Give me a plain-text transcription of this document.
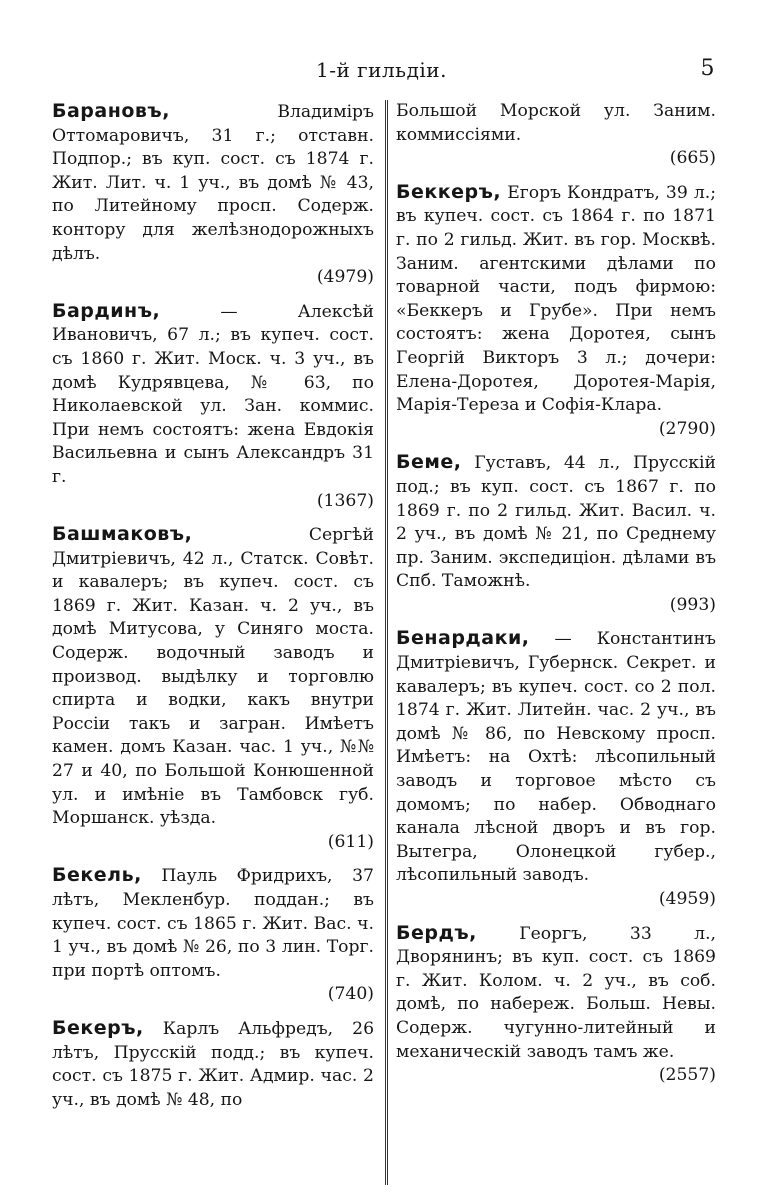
1-й гильдiи.	5
Барановъ,	Владимiръ Оттомаровичъ, 31 г.; отставн. Подпор.; въ куп. сост. съ 1874 г. Жит. Лит. ч. 1 уч., въ домѣ № 43, по Литейному просп. Содерж. контору для желѣзнодорожныхъ дѣлъ.
(4979)
Бардинъ,	— Алексѣй Ивановичъ, 67 л.; въ купеч. сост. съ 1860 г. Жит. Моск. ч. 3 уч., въ домѣ Кудрявцева, № 63, по Николаевской ул. Зан. коммис. При немъ состоятъ: жена Евдокiя Васильевна и сынъ Александръ 31 г.
(1367)
Башмаковъ,	Сергѣй Дмитрiевичъ, 42 л., Статск. Совѣт. и кавалеръ; въ купеч. сост. съ 1869 г. Жит. Казан. ч. 2 уч., въ домѣ Митусова, у Синяго моста. Содерж. водочный заводъ и производ. выдѣлку и торговлю спирта и водки, какъ внутри Россiи такъ и загран. Имѣетъ камен. домъ Казан. час. 1 уч., №№ 27 и 40, по Большой Конюшенной ул. и имѣнiе въ Тамбовск губ. Моршанск. уѣзда.
(611)
Бекель, Пауль Фридрихъ, 37 лѣтъ, Мекленбур. поддан.; въ купеч. сост. съ 1865 г. Жит. Вас. ч. 1 уч., въ домѣ № 26, по 3 лин. Торг. при портѣ оптомъ.
(740)
Бекеръ, Карлъ Альфредъ, 26 лѣтъ, Прусскiй подд.; въ купеч. сост. съ 1875 г. Жит. Адмир. час. 2 уч., въ домѣ № 48, по
Большой Морской ул. Заним. коммиссiями.
(665)
Беккеръ, Егоръ Кондратъ, 39 л.; въ купеч. сост. съ 1864 г. по 1871 г. по 2 гильд. Жит. въ гор. Москвѣ. Заним. агентскими дѣлами по товарной части, подъ фирмою: «Беккеръ и Грубе». При немъ состоятъ: жена Доротея, сынъ Георгiй Викторъ 3 л.; дочери: Елена-Доротея, Доротея-Марiя, Марiя-Тереза и Софiя-Клара.
(2790)
Беме, Густавъ, 44 л., Прусскiй под.; въ куп. сост. съ 1867 г. по 1869 г. по 2 гильд. Жит. Васил. ч. 2 уч., въ домѣ № 21, по Среднему пр. Заним. экспедицiон. дѣлами въ Спб. Таможнѣ.
(993)
Бенардаки, — Константинъ Дмитрiевичъ, Губернск. Секрет. и кавалеръ; въ купеч. сост. со 2 пол. 1874 г. Жит. Литейн. час. 2 уч., въ домѣ № 86, по Невскому просп. Имѣетъ: на Охтѣ: лѣсопильный заводъ и торговое мѣсто съ домомъ; по набер. Обводнаго канала лѣсной дворъ и въ гор. Вытегра, Олонецкой губер., лѣсопильный заводъ.
(4959)
Бердъ, Георгъ, 33 л., Дворянинъ; въ куп. сост. съ 1869 г. Жит. Колом. ч. 2 уч., въ соб. домѣ, по набереж. Больш. Невы. Содерж. чугунно-литейный и механическiй заводъ тамъ же.
(2557)
